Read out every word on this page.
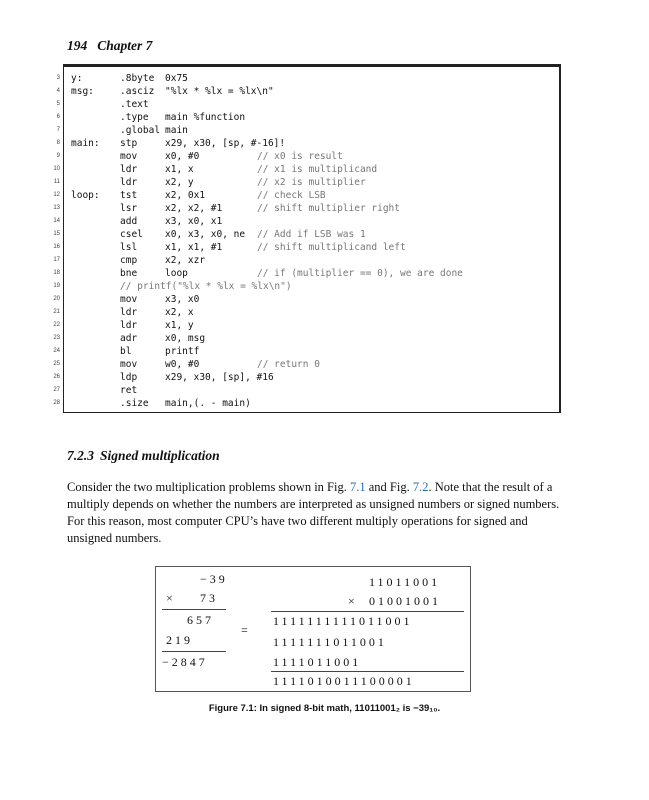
194 Chapter 7
3 y:	.8byte 0x75
4 msg:	.asciz "%lx * %lx = %lx\n"
5	.text
6	.type main %function
7	.global main
8 main: stp	x29, x30, [sp, #-16]!
9	mov	x0, #0	// x0 is result
10	ldr	x1, x	// x1 is multiplicand
11	ldr	x2, y	// x2 is multiplier
12 loop: tst	x2, 0x1	// check LSB
13	lsr	x2, x2, #1	// shift multiplier right
14	add	x3, x0, x1
15	csel x0, x3, x0, ne // Add if LSB was 1
16	lsl	x1, x1, #1	// shift multiplicand left
17	cmp	x2, xzr
18	bne	loop	// if (multiplier == 0), we are done
19	// printf("%lx * %lx = %lx\n")
20	mov	x3, x0
21	ldr	x2, x
22	ldr	x1, y
23	adr	x0, msg
24	bl	printf
25	mov	w0, #0	// return 0
26	ldp	x29, x30, [sp], #16
27	ret
28	.size main,(. - main)
7.2.3 Signed multiplication
Consider the two multiplication problems shown in Fig. 7.1 and Fig. 7.2. Note that the result of a multiply depends on whether the numbers are interpreted as unsigned numbers or signed numbers. For this reason, most computer CPU’s have two different multiply operations for signed and unsigned numbers.
−39
× 73
657
219
−2847
=
11011001
× 01001001
1111111111011001
1111111011001
1111011001
1111010011100001
Figure 7.1: In signed 8-bit math, 11011001₂ is −39₁₀.
